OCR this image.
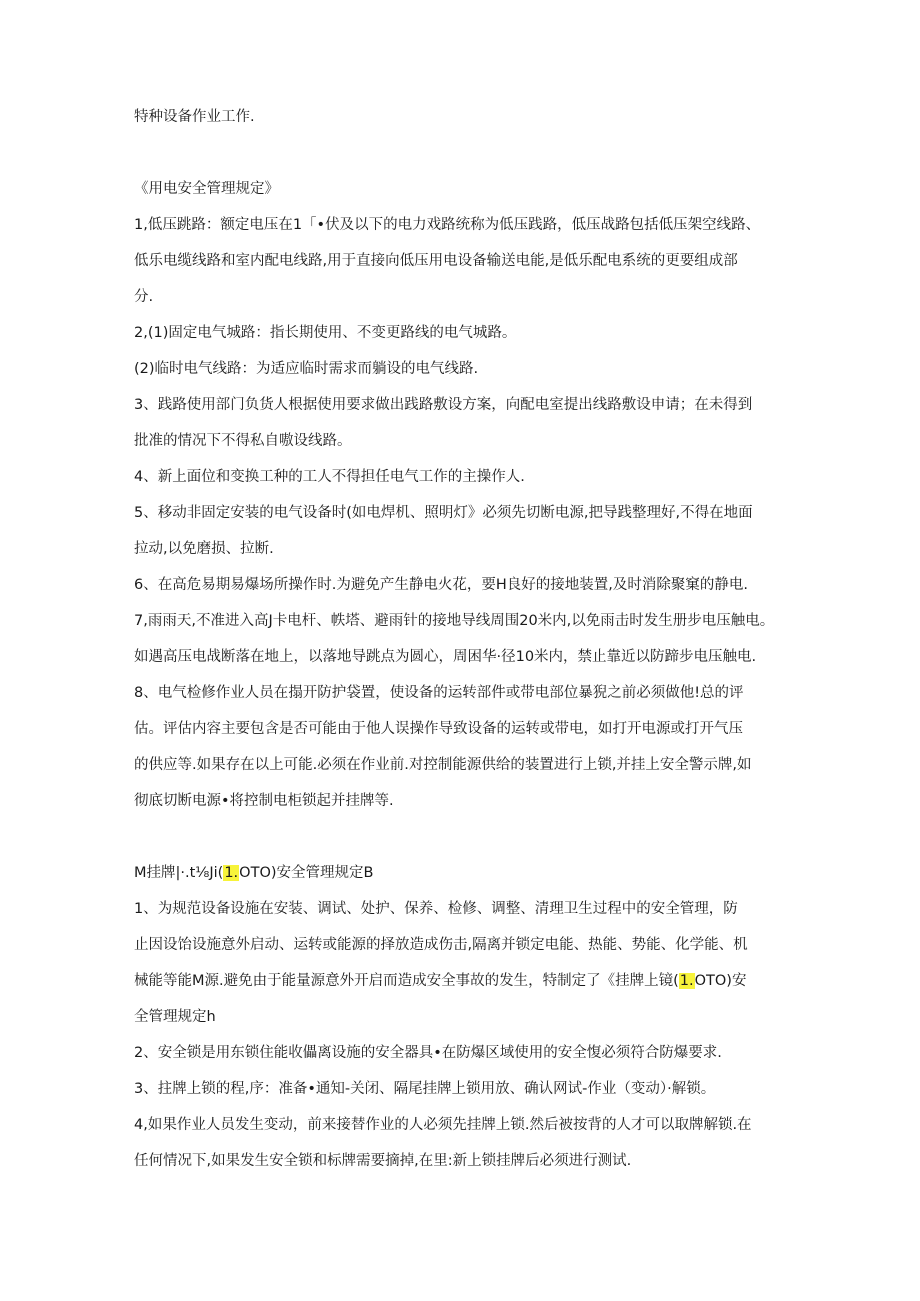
特种设备作业工作.
《用电安全管理规定》
1,低压跳路：额定电压在1「•伏及以下的电力戏路统称为低压践路，低压战路包括低压架空线路、
低乐电缆线路和室内配电线路,用于直接向低压用电设备输送电能,是低乐配电系统的更要组成部
分.
2,(1)固定电气城路：指长期使用、不变更路线的电气城路。
(2)临时电气线路：为适应临时需求而躺设的电气线路.
3、践路使用部门负货人根据使用要求做出践路敷设方案，向配电室提出线路敷设申请；在未得到
批准的情况下不得私自嗷设线路。
4、新上面位和变换工种的工人不得担任电气工作的主操作人.
5、移动非固定安装的电气设备时(如电焊机、照明灯》必须先切断电源,把导践整理好,不得在地面
拉动,以免磨损、拉断.
6、在高危易期易爆场所操作时.为避免产生静电火花，要H良好的接地装置,及时消除聚窠的静电.
7,雨雨天,不准进入高J卡电杆、帙塔、避雨针的接地导线周围20米内,以免雨击时发生册步电压触电。
如遇高压电战断落在地上，以落地导跳点为圆心，周困华·径10米内，禁止靠近以防蹄步电压触电.
8、电气检修作业人员在搨开防护袋置，使设备的运转部件或带电部位暴猊之前必须做他!总的评
估。评估内容主要包含是否可能由于他人误操作导致设备的运转或带电，如打开电源或打开气压
的供应等.如果存在以上可能.必须在作业前.对控制能源供给的装置进行上锁,并挂上安全警示牌,如
彻底切断电源•将控制电柜锁起并挂牌等.
M挂牌|·.t⅛Ji(1.OTO)安全管理规定B
1、为规范设备设施在安装、调试、处护、保养、检修、调整、清理卫生过程中的安全管理，防
止因设饴设施意外启动、运转或能源的择放造成伤击,隔离并锁定电能、热能、势能、化学能、机
械能等能M源.避免由于能量源意外开启而造成安全事故的发生，特制定了《挂牌上镜(1.OTO)安
全管理规定h
2、安全锁是用东锁住能收儡离设施的安全器具•在防爆区域使用的安全愎必须符合防爆要求.
3、拄牌上锁的程,序：准备•通知-关闭、隔尾挂牌上锁用放、确认网试-作业（变动）·解锁。
4,如果作业人员发生变动，前来接替作业的人必须先挂牌上锁.然后被按背的人才可以取牌解锁.在
任何情况下,如果发生安全锁和标牌需要摘掉,在里:新上锁挂牌后必须进行测试.
